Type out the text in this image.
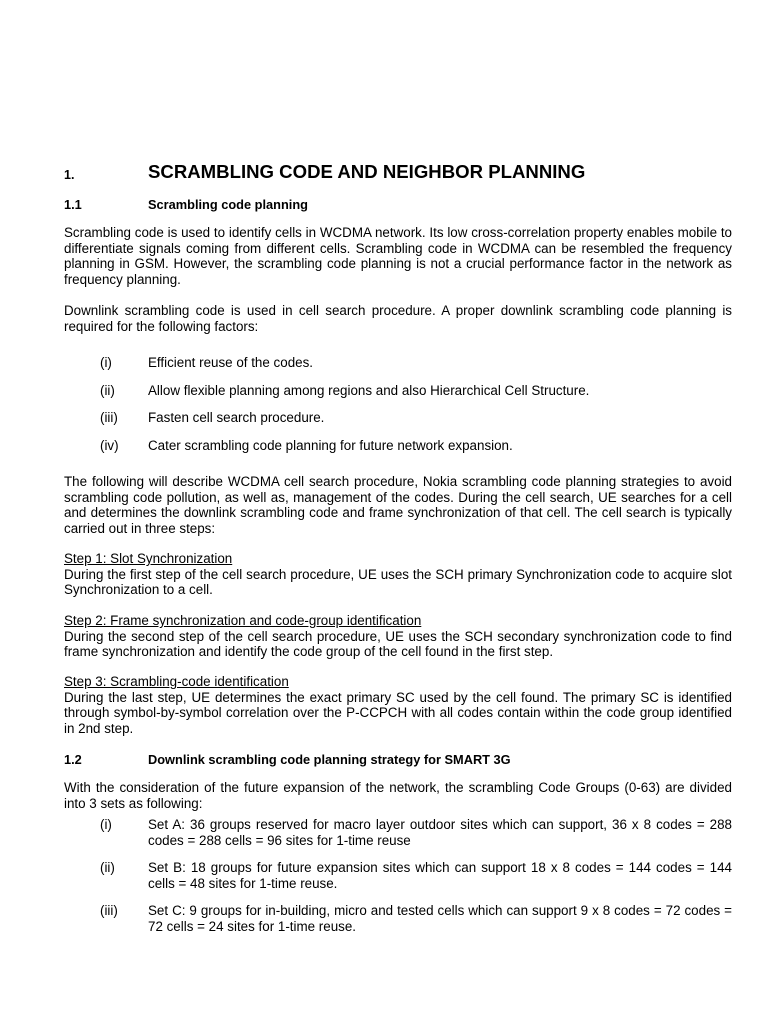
1.	SCRAMBLING CODE AND NEIGHBOR PLANNING
1.1	Scrambling code planning
Scrambling code is used to identify cells in WCDMA network. Its low cross-correlation property enables mobile to differentiate signals coming from different cells. Scrambling code in WCDMA can be resembled the frequency planning in GSM. However, the scrambling code planning is not a crucial performance factor in the network as frequency planning.
Downlink scrambling code is used in cell search procedure. A proper downlink scrambling code planning is required for the following factors:
(i)	Efficient reuse of the codes.
(ii) Allow flexible planning among regions and also Hierarchical Cell Structure.
(iii) Fasten cell search procedure.
(iv) Cater scrambling code planning for future network expansion.
The following will describe WCDMA cell search procedure, Nokia scrambling code planning strategies to avoid scrambling code pollution, as well as, management of the codes. During the cell search, UE searches for a cell and determines the downlink scrambling code and frame synchronization of that cell. The cell search is typically carried out in three steps:
Step 1: Slot Synchronization
During the first step of the cell search procedure, UE uses the SCH primary Synchronization code to acquire slot Synchronization to a cell.
Step 2: Frame synchronization and code-group identification
During the second step of the cell search procedure, UE uses the SCH secondary synchronization code to find frame synchronization and identify the code group of the cell found in the first step.
Step 3: Scrambling-code identification
During the last step, UE determines the exact primary SC used by the cell found. The primary SC is identified through symbol-by-symbol correlation over the P-CCPCH with all codes contain within the code group identified in 2nd step.
1.2	Downlink scrambling code planning strategy for SMART 3G
With the consideration of the future expansion of the network, the scrambling Code Groups (0-63) are divided into 3 sets as following:
(i)	Set A: 36 groups reserved for macro layer outdoor sites which can support, 36 x 8 codes = 288 codes = 288 cells = 96 sites for 1-time reuse
(ii) Set B: 18 groups for future expansion sites which can support 18 x 8 codes = 144 codes = 144 cells = 48 sites for 1-time reuse.
(iii) Set C: 9 groups for in-building, micro and tested cells which can support 9 x 8 codes = 72 codes = 72 cells = 24 sites for 1-time reuse.
